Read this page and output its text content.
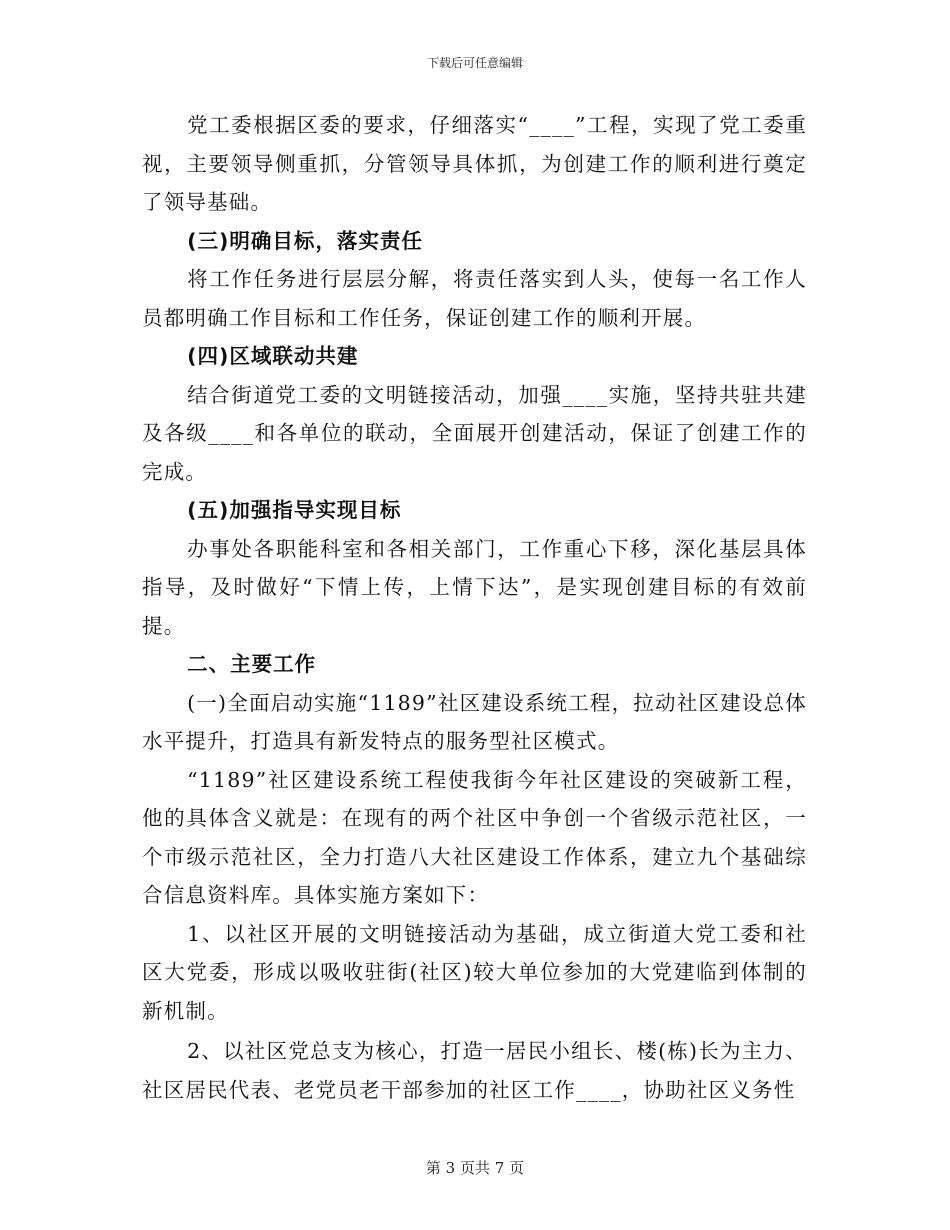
下载后可任意编辑

党工委根据区委的要求，仔细落实“____”工程，实现了党工委重视，主要领导侧重抓，分管领导具体抓，为创建工作的顺利进行奠定了领导基础。

(三)明确目标，落实责任

将工作任务进行层层分解，将责任落实到人头，使每一名工作人员都明确工作目标和工作任务，保证创建工作的顺利开展。

(四)区域联动共建

结合街道党工委的文明链接活动，加强____实施，坚持共驻共建及各级____和各单位的联动，全面展开创建活动，保证了创建工作的完成。

(五)加强指导实现目标

办事处各职能科室和各相关部门，工作重心下移，深化基层具体指导，及时做好“下情上传，上情下达”，是实现创建目标的有效前提。

二、主要工作

(一)全面启动实施“1189”社区建设系统工程，拉动社区建设总体水平提升，打造具有新发特点的服务型社区模式。

“1189”社区建设系统工程使我街今年社区建设的突破新工程，他的具体含义就是：在现有的两个社区中争创一个省级示范社区，一个市级示范社区，全力打造八大社区建设工作体系，建立九个基础综合信息资料库。具体实施方案如下：

1、以社区开展的文明链接活动为基础，成立街道大党工委和社区大党委，形成以吸收驻街(社区)较大单位参加的大党建临到体制的新机制。

2、以社区党总支为核心，打造一居民小组长、楼(栋)长为主力、社区居民代表、老党员老干部参加的社区工作____，协助社区义务性

第 3 页共 7 页
